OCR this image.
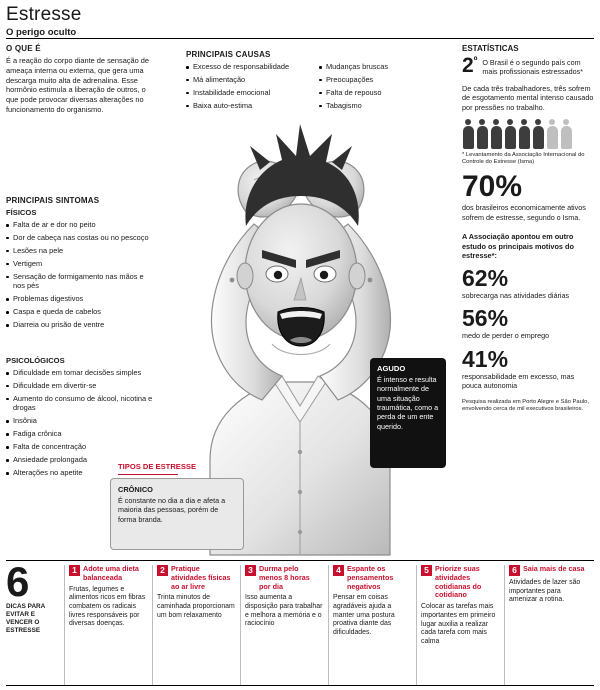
Estresse
O perigo oculto
O QUE É
É a reação do corpo diante de sensação de ameaça interna ou externa, que gera uma descarga muito alta de adrenalina. Esse hormônio estimula a liberação de outros, o que pode provocar diversas alterações no funcionamento do organismo.
PRINCIPAIS SINTOMAS
FÍSICOS
Falta de ar e dor no peito
Dor de cabeça nas costas ou no pescoço
Lesões na pele
Vertigem
Sensação de formigamento nas mãos e nos pés
Problemas digestivos
Caspa e queda de cabelos
Diarreia ou prisão de ventre
PSICOLÓGICOS
Dificuldade em tomar decisões simples
Dificuldade em divertir-se
Aumento do consumo de álcool, nicotina e drogas
Insônia
Fadiga crônica
Falta de concentração
Ansiedade prolongada
Alterações no apetite
PRINCIPAIS CAUSAS
Excesso de responsabilidade
Má alimentação
Instabilidade emocional
Baixa auto-estima
Mudanças bruscas
Preocupações
Falta de repouso
Tabagismo
AGUDO
É intenso e resulta normalmente de uma situação traumática, como a perda de um ente querido.
TIPOS DE ESTRESSE
CRÔNICO
É constante no dia a dia e afeta a maioria das pessoas, porém de forma branda.
ESTATÍSTICAS
$2^º$ O Brasil é o segundo país com mais profissionais estressados*
De cada três trabalhadores, três sofrem de esgotamento mental intenso causado por pressões no trabalho.
* Levantamento da Associação Internacional do Controle do Estresse (Isma)
70%
dos brasileiros economicamente ativos sofrem de estresse, segundo o Isma.
A Associação apontou em outro estudo os principais motivos do estresse*:
62%
sobrecarga nas atividades diárias
56%
medo de perder o emprego
41%
responsabilidade em excesso, mas pouca autonomia
Pesquisa realizada em Porto Alegre e São Paulo, envolvendo cerca de mil executivos brasileiros.
6
DICAS PARA EVITAR E VENCER O ESTRESSE
1 Adote uma dieta balanceada
Frutas, legumes e alimentos ricos em fibras combatem os radicais livres responsáveis por diversas doenças.
2 Pratique atividades físicas ao ar livre
Trinta minutos de caminhada proporcionam um bom relaxamento
3 Durma pelo menos 8 horas por dia
Isso aumenta a disposição para trabalhar e melhora a memória e o raciocínio
4 Espante os pensamentos negativos
Pensar em coisas agradáveis ajuda a manter uma postura proativa diante das dificuldades.
5 Priorize suas atividades cotidianas do cotidiano
Colocar as tarefas mais importantes em primeiro lugar auxilia a realizar cada tarefa com mais calma
6 Saia mais de casa
Atividades de lazer são importantes para amenizar a rotina.
